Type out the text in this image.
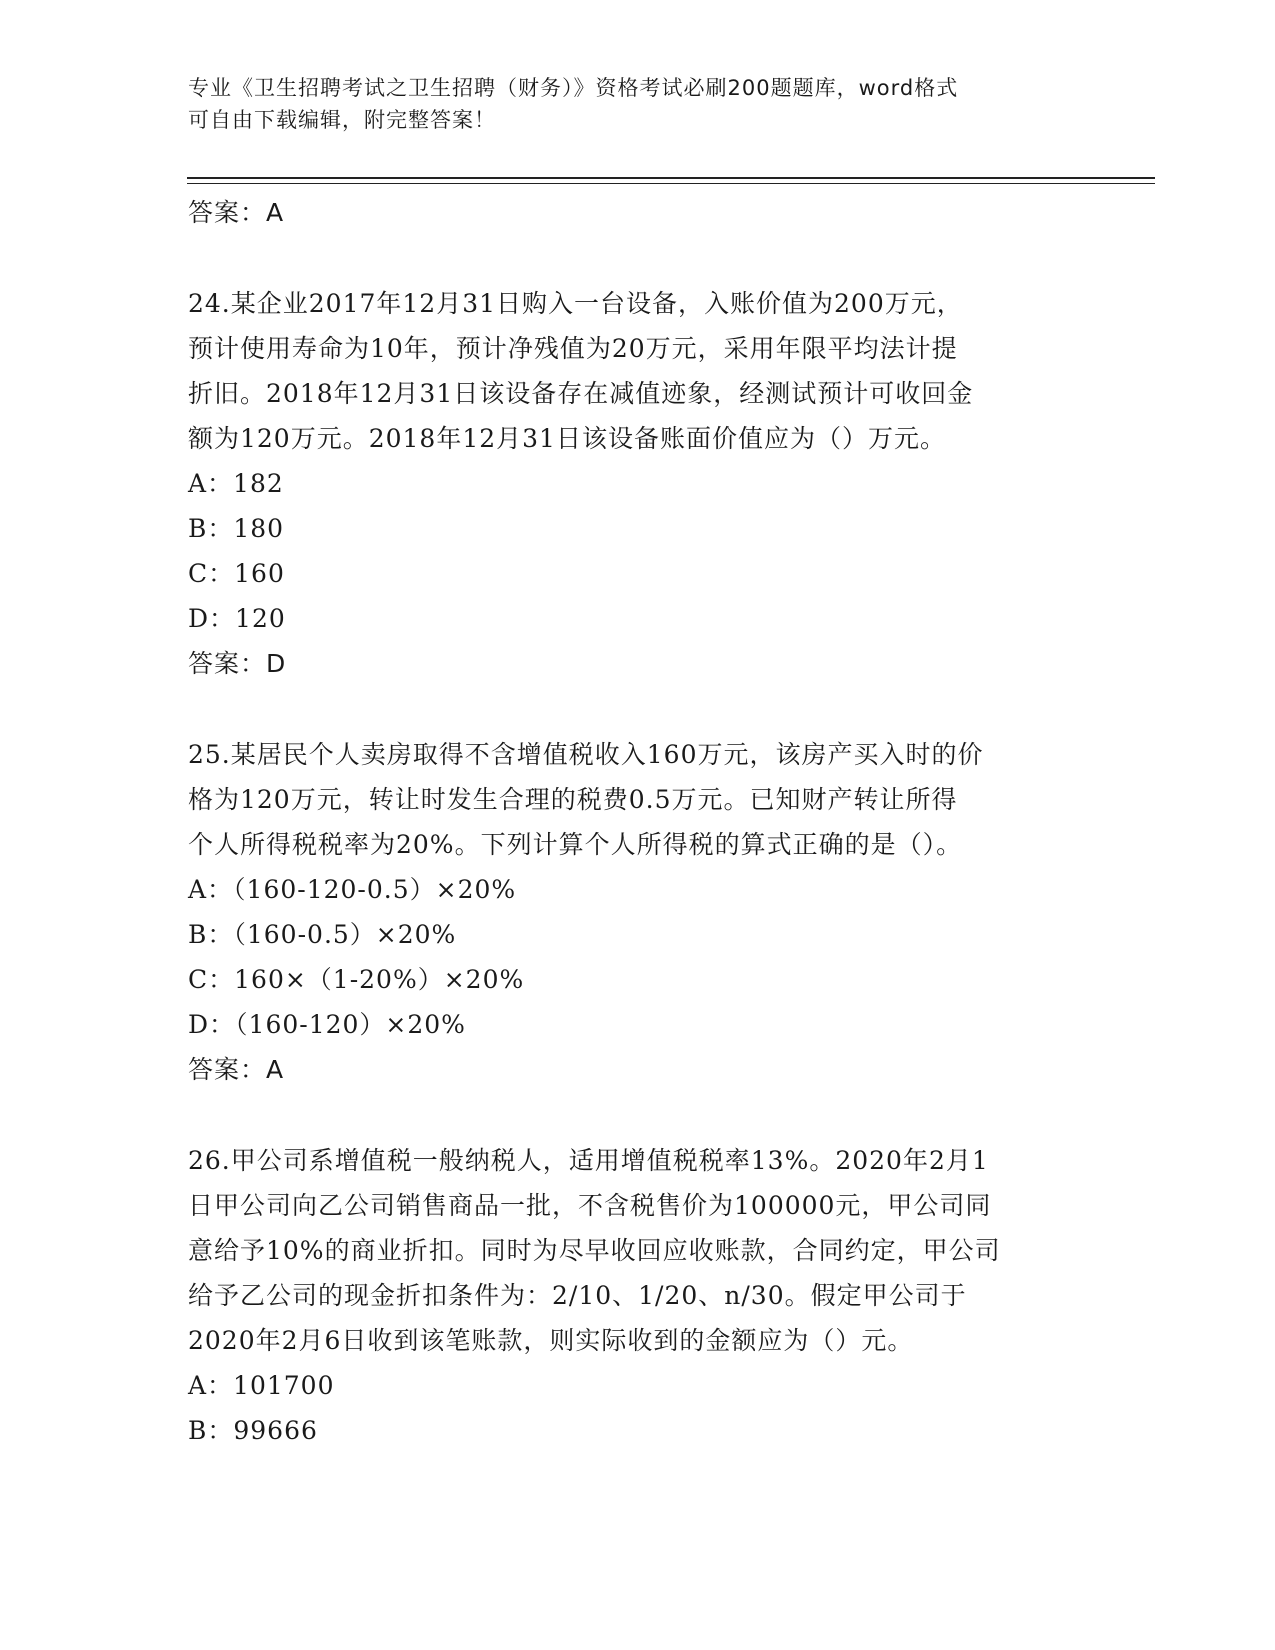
专业《卫生招聘考试之卫生招聘（财务）》资格考试必刷200题题库，word格式
可自由下载编辑，附完整答案！

答案：A

24.某企业2017年12月31日购入一台设备，入账价值为200万元，

预计使用寿命为10年，预计净残值为20万元，采用年限平均法计提

折旧。2018年12月31日该设备存在减值迹象，经测试预计可收回金

额为120万元。2018年12月31日该设备账面价值应为（）万元。

A：182

B：180

C：160

D：120

答案：D

25.某居民个人卖房取得不含增值税收入160万元，该房产买入时的价

格为120万元，转让时发生合理的税费0.5万元。已知财产转让所得

个人所得税税率为20%。下列计算个人所得税的算式正确的是（）。

A：（160-120-0.5）×20%

B：（160-0.5）×20%

C：160×（1-20%）×20%

D：（160-120）×20%

答案：A

26.甲公司系增值税一般纳税人，适用增值税税率13%。2020年2月1

日甲公司向乙公司销售商品一批，不含税售价为100000元，甲公司同

意给予10%的商业折扣。同时为尽早收回应收账款，合同约定，甲公司

给予乙公司的现金折扣条件为：2/10、1/20、n/30。假定甲公司于

2020年2月6日收到该笔账款，则实际收到的金额应为（）元。

A：101700

B：99666
